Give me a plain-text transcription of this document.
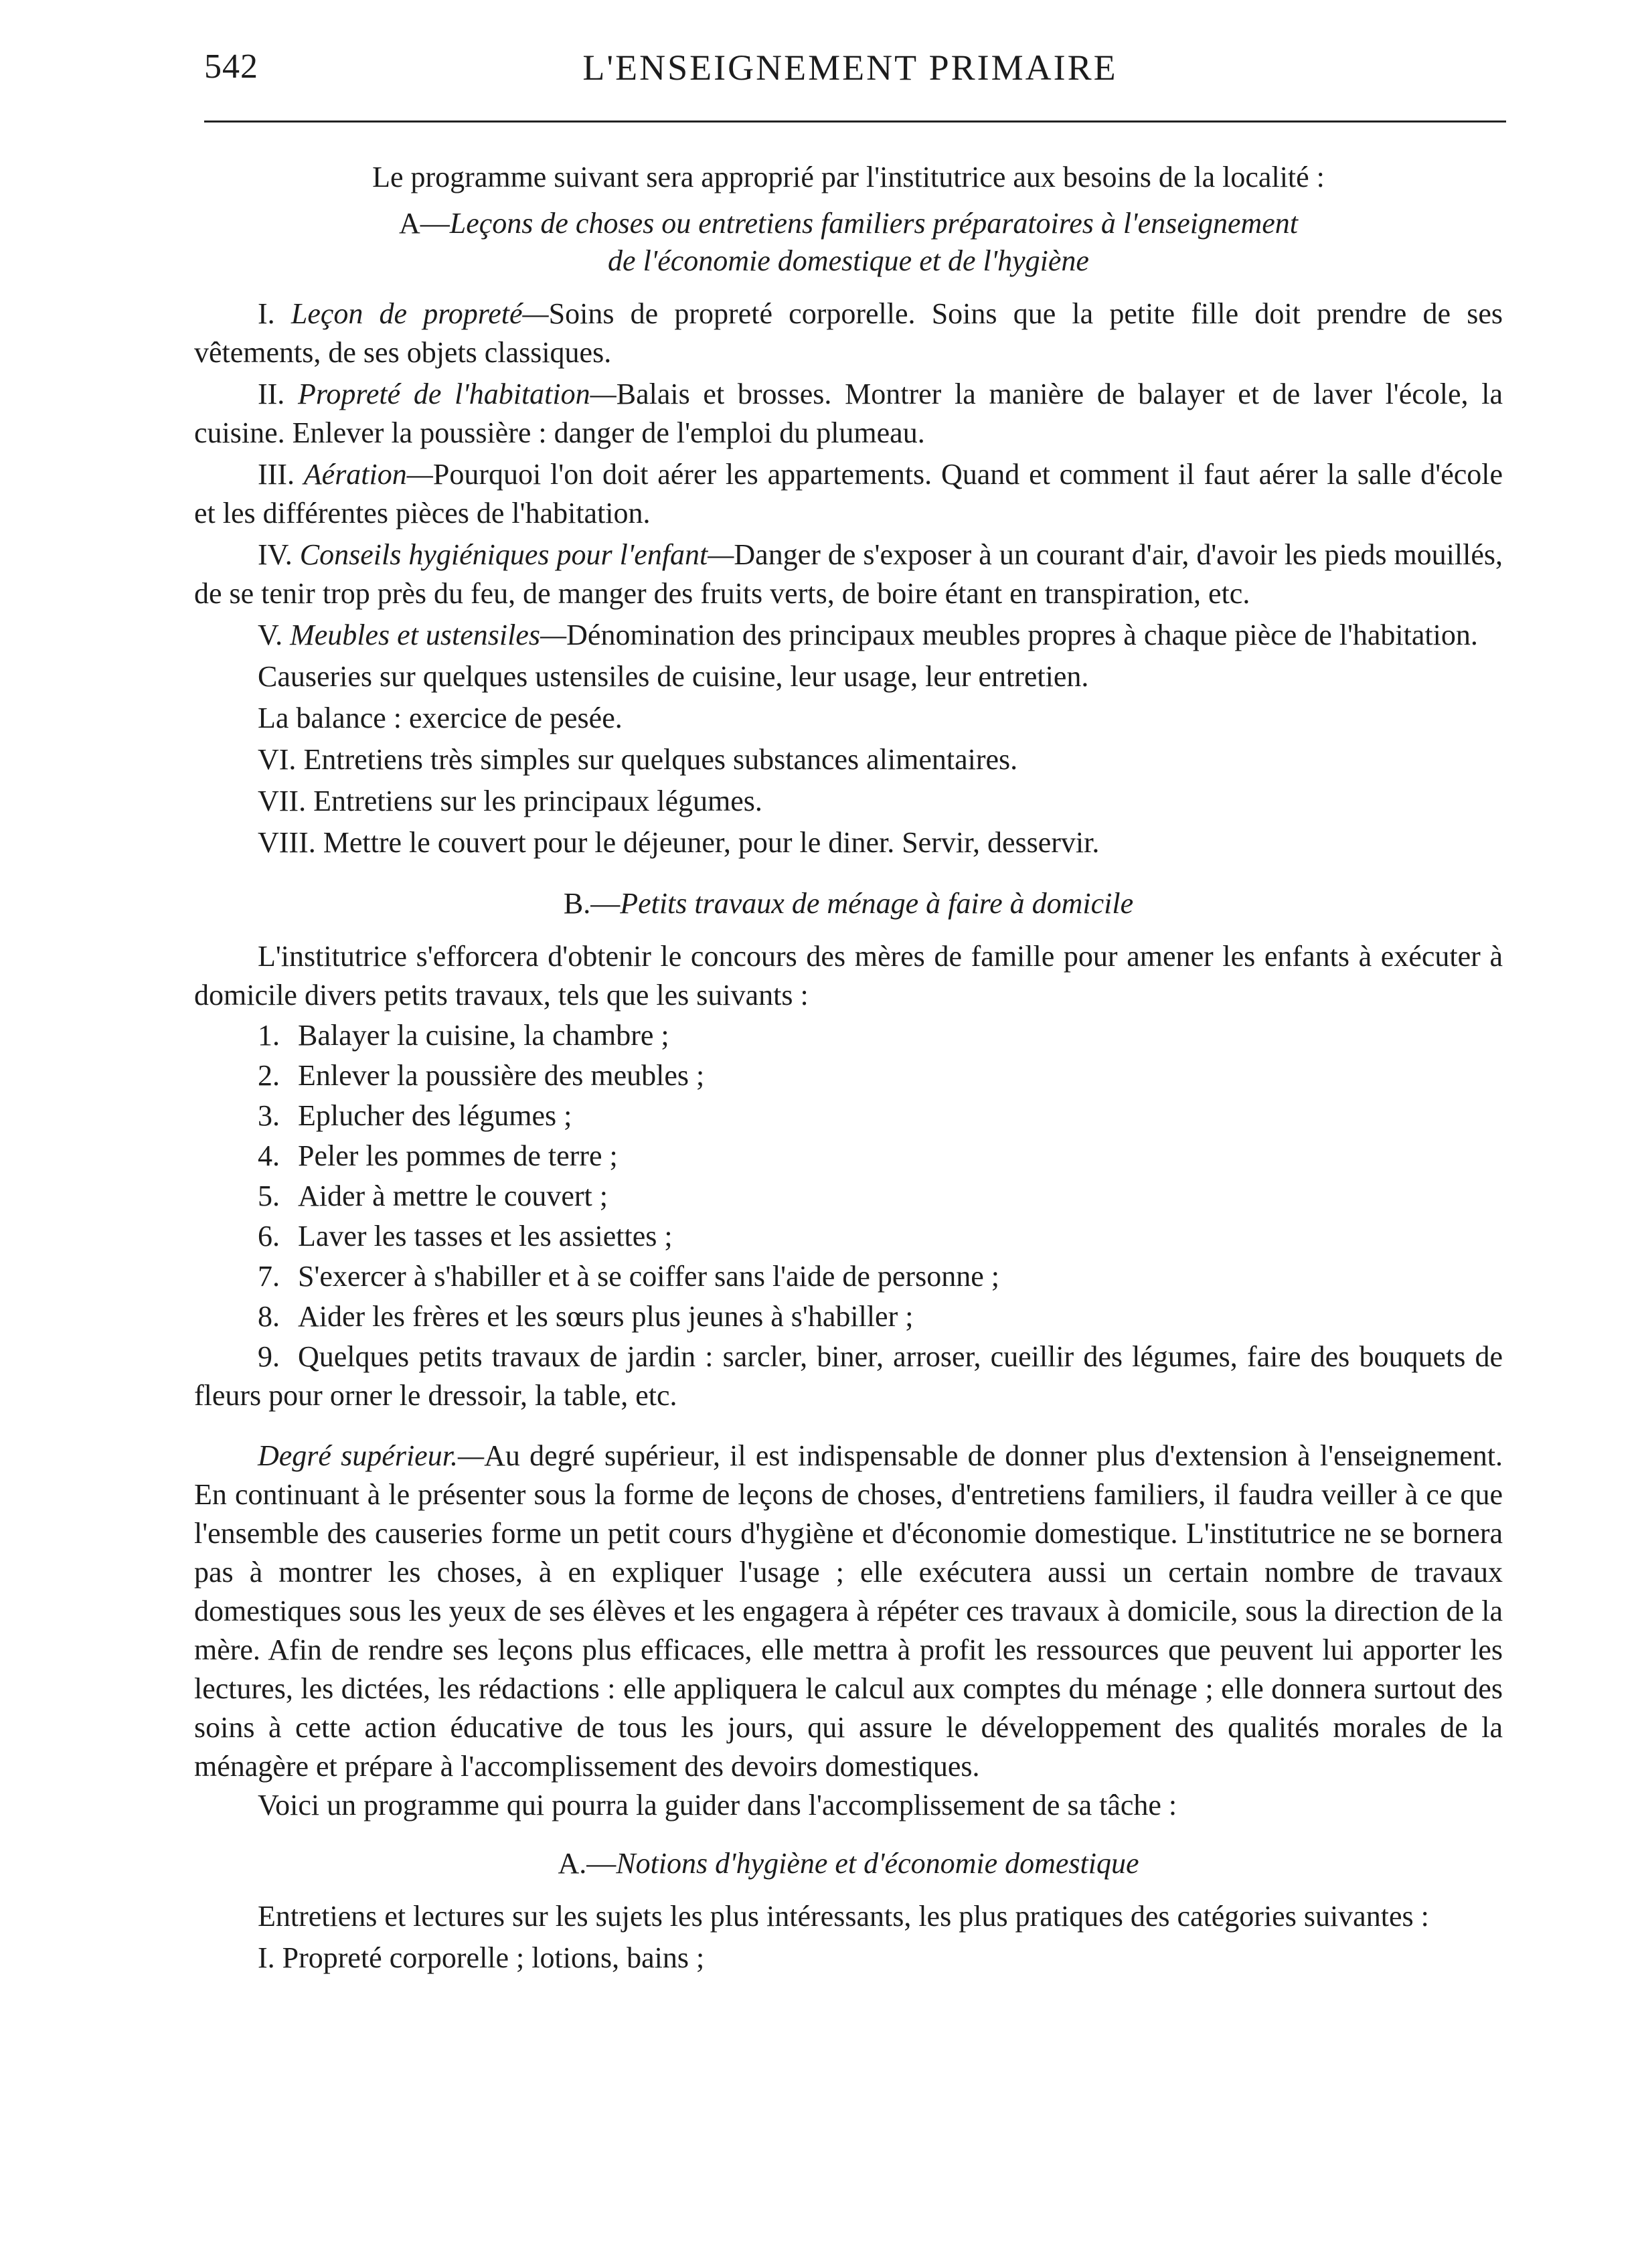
542	L'ENSEIGNEMENT PRIMAIRE

Le programme suivant sera approprié par l'institutrice aux besoins de la localité :

A—Leçons de choses ou entretiens familiers préparatoires à l'enseignement
de l'économie domestique et de l'hygiène

I. Leçon de propreté—Soins de propreté corporelle. Soins que la petite fille doit prendre de ses vêtements, de ses objets classiques.

II. Propreté de l'habitation—Balais et brosses. Montrer la manière de balayer et de laver l'école, la cuisine. Enlever la poussière : danger de l'emploi du plumeau.

III. Aération—Pourquoi l'on doit aérer les appartements. Quand et comment il faut aérer la salle d'école et les différentes pièces de l'habitation.

IV. Conseils hygiéniques pour l'enfant—Danger de s'exposer à un courant d'air, d'avoir les pieds mouillés, de se tenir trop près du feu, de manger des fruits verts, de boire étant en transpiration, etc.

V. Meubles et ustensiles—Dénomination des principaux meubles propres à chaque pièce de l'habitation.

Causeries sur quelques ustensiles de cuisine, leur usage, leur entretien.

La balance : exercice de pesée.

VI. Entretiens très simples sur quelques substances alimentaires.

VII. Entretiens sur les principaux légumes.

VIII. Mettre le couvert pour le déjeuner, pour le diner. Servir, desservir.

B.—Petits travaux de ménage à faire à domicile

L'institutrice s'efforcera d'obtenir le concours des mères de famille pour amener les enfants à exécuter à domicile divers petits travaux, tels que les suivants :

1. Balayer la cuisine, la chambre ;

2. Enlever la poussière des meubles ;

3. Eplucher des légumes ;

4. Peler les pommes de terre ;

5. Aider à mettre le couvert ;

6. Laver les tasses et les assiettes ;

7. S'exercer à s'habiller et à se coiffer sans l'aide de personne ;

8. Aider les frères et les sœurs plus jeunes à s'habiller ;

9. Quelques petits travaux de jardin : sarcler, biner, arroser, cueillir des légumes, faire des bouquets de fleurs pour orner le dressoir, la table, etc.

Degré supérieur.—Au degré supérieur, il est indispensable de donner plus d'extension à l'enseignement. En continuant à le présenter sous la forme de leçons de choses, d'entretiens familiers, il faudra veiller à ce que l'ensemble des causeries forme un petit cours d'hygiène et d'économie domestique. L'institutrice ne se bornera pas à montrer les choses, à en expliquer l'usage ; elle exécutera aussi un certain nombre de travaux domestiques sous les yeux de ses élèves et les engagera à répéter ces travaux à domicile, sous la direction de la mère. Afin de rendre ses leçons plus efficaces, elle mettra à profit les ressources que peuvent lui apporter les lectures, les dictées, les rédactions : elle appliquera le calcul aux comptes du ménage ; elle donnera surtout des soins à cette action éducative de tous les jours, qui assure le développement des qualités morales de la ménagère et prépare à l'accomplissement des devoirs domestiques.

Voici un programme qui pourra la guider dans l'accomplissement de sa tâche :

A.—Notions d'hygiène et d'économie domestique

Entretiens et lectures sur les sujets les plus intéressants, les plus pratiques des catégories suivantes :

I. Propreté corporelle ; lotions, bains ;
